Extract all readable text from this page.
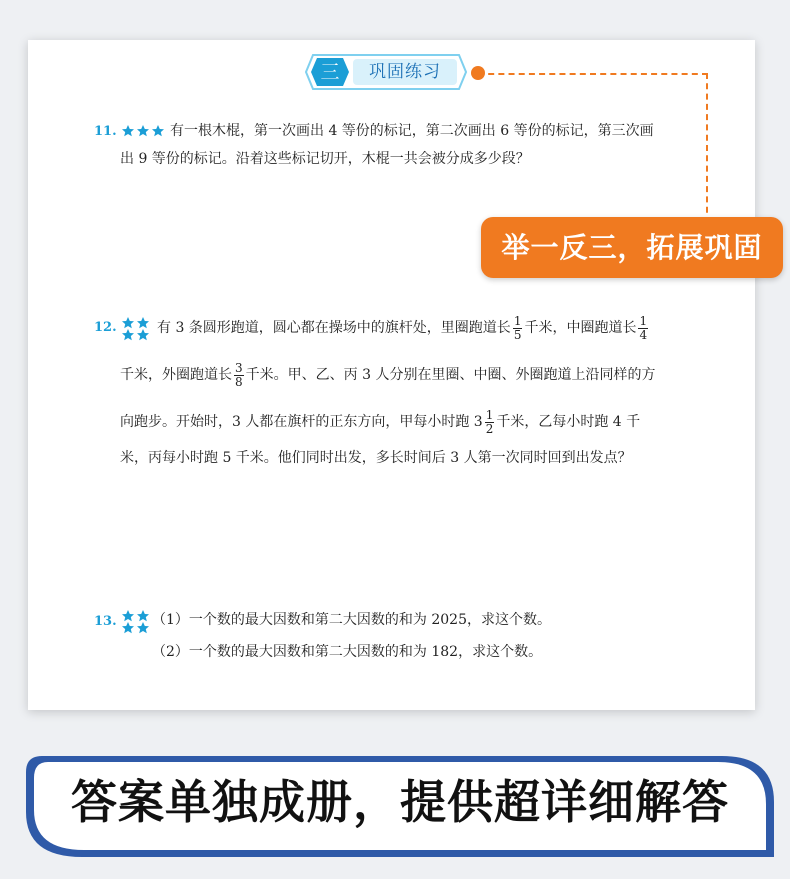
三	巩固练习
举一反三，拓展巩固
11.	有一根木棍，第一次画出 4 等份的标记，第二次画出 6 等份的标记，第三次画
出 9 等份的标记。沿着这些标记切开，木棍一共会被分成多少段？
12.	有 3 条圆形跑道，圆心都在操场中的旗杆处，里圈跑道长 $\frac{1}{5}$ 千米，中圈跑道长 $\frac{1}{4}$
千米，外圈跑道长 $\frac{3}{8}$ 千米。甲、乙、丙 3 人分别在里圈、中圈、外圈跑道上沿同样的方
向跑步。开始时，3 人都在旗杆的正东方向，甲每小时跑 $3 \frac{1}{2}$ 千米，乙每小时跑 4 千
米，丙每小时跑 5 千米。他们同时出发，多长时间后 3 人第一次同时回到出发点？
13.	（1）一个数的最大因数和第二大因数的和为 2025，求这个数。
（2）一个数的最大因数和第二大因数的和为 182，求这个数。
答案单独成册，提供超详细解答
